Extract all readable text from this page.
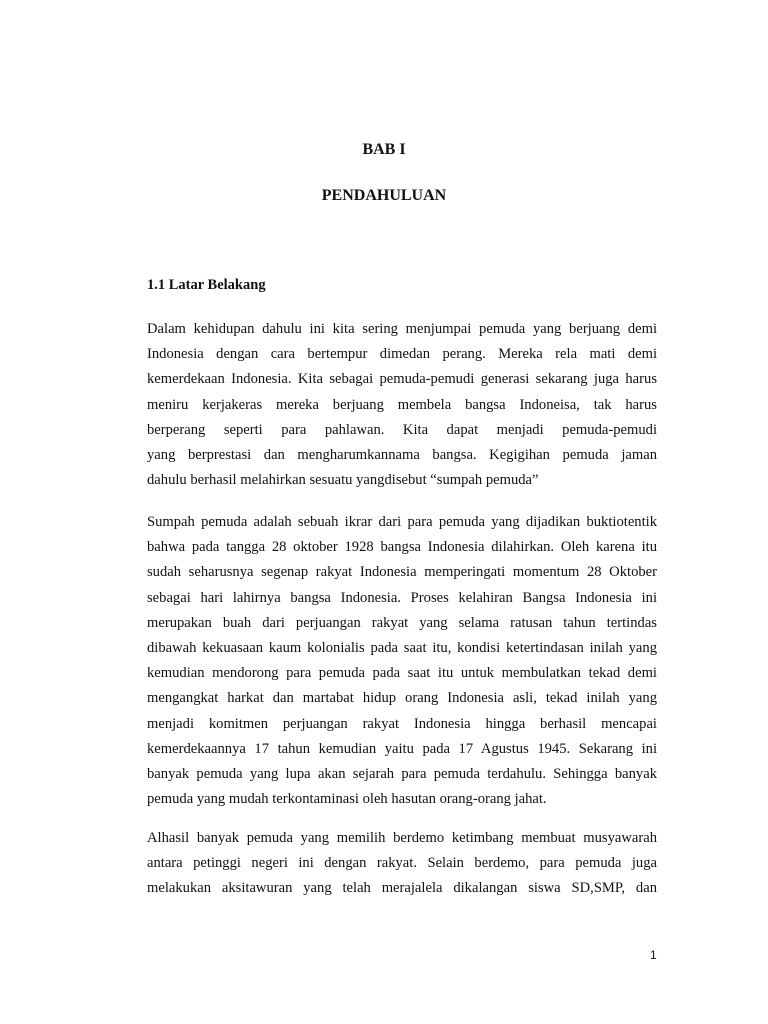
BAB I
PENDAHULUAN
1.1 Latar Belakang
Dalam kehidupan dahulu ini kita sering menjumpai pemuda yang berjuang demi
Indonesia dengan cara bertempur dimedan perang. Mereka rela mati demi
kemerdekaan Indonesia. Kita sebagai pemuda-pemudi generasi sekarang juga harus
meniru kerjakeras mereka berjuang membela bangsa Indoneisa, tak harus
berperang seperti para pahlawan. Kita dapat menjadi pemuda-pemudi
yang berprestasi dan mengharumkannama bangsa. Kegigihan pemuda jaman
dahulu berhasil melahirkan sesuatu yangdisebut “sumpah pemuda”
Sumpah pemuda adalah sebuah ikrar dari para pemuda yang dijadikan buktiotentik
bahwa pada tangga 28 oktober 1928 bangsa Indonesia dilahirkan. Oleh karena itu
sudah seharusnya segenap rakyat Indonesia memperingati momentum 28 Oktober
sebagai hari lahirnya bangsa Indonesia. Proses kelahiran Bangsa Indonesia ini
merupakan buah dari perjuangan rakyat yang selama ratusan tahun tertindas
dibawah kekuasaan kaum kolonialis pada saat itu, kondisi ketertindasan inilah yang
kemudian mendorong para pemuda pada saat itu untuk membulatkan tekad demi
mengangkat harkat dan martabat hidup orang Indonesia asli, tekad inilah yang
menjadi komitmen perjuangan rakyat Indonesia hingga berhasil mencapai
kemerdekaannya 17 tahun kemudian yaitu pada 17 Agustus 1945. Sekarang ini
banyak pemuda yang lupa akan sejarah para pemuda terdahulu. Sehingga banyak
pemuda yang mudah terkontaminasi oleh hasutan orang-orang jahat.
Alhasil banyak pemuda yang memilih berdemo ketimbang membuat musyawarah
antara petinggi negeri ini dengan rakyat. Selain berdemo, para pemuda juga
melakukan aksitawuran yang telah merajalela dikalangan siswa SD,SMP, dan
1
